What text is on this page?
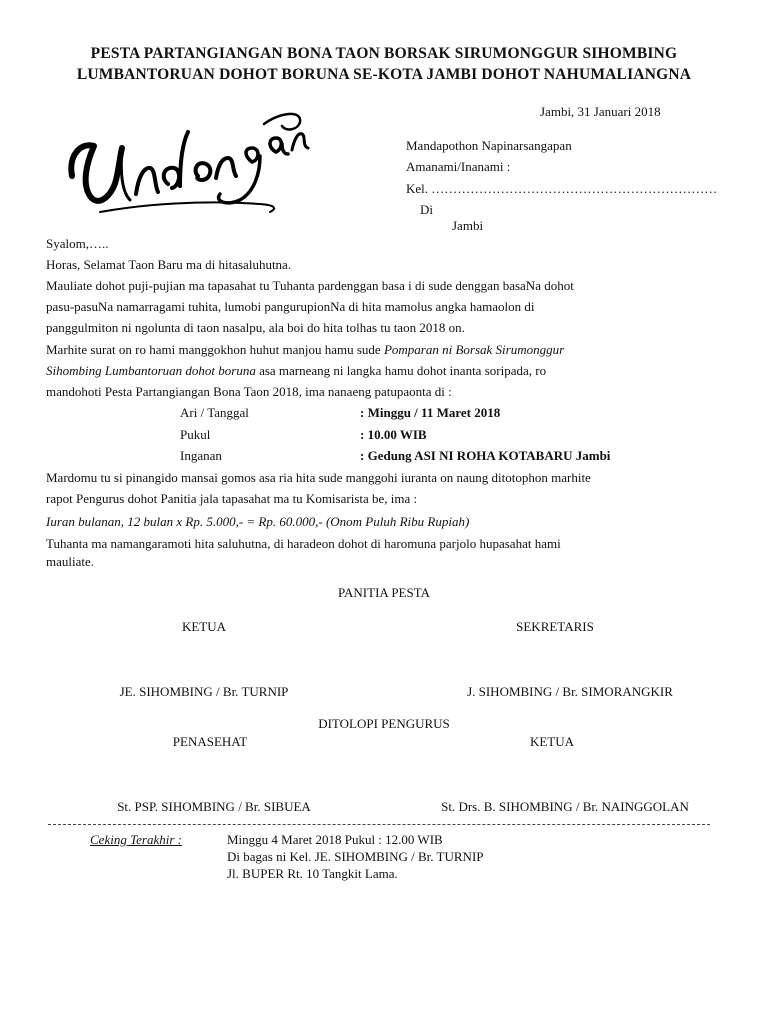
PESTA PARTANGIANGAN BONA TAON BORSAK SIRUMONGGUR SIHOMBING
LUMBANTORUAN DOHOT BORUNA SE-KOTA JAMBI DOHOT NAHUMALIANGNA
Jambi, 31 Januari 2018
Mandapothon Napinarsangapan
Amanami/Inanami :
Kel. …………………………………………………………
Di
Jambi
Syalom,…..
Horas, Selamat Taon Baru ma di hitasaluhutna.
Mauliate dohot puji-pujian ma tapasahat tu Tuhanta pardenggan basa i di sude denggan basaNa dohot
pasu-pasuNa namarragami tuhita, lumobi pangurupionNa di hita mamolus angka hamaolon di
panggulmiton ni ngolunta di taon nasalpu, ala boi do hita tolhas tu taon 2018 on.
Marhite surat on ro hami manggokhon huhut manjou hamu sude Pomparan ni Borsak Sirumonggur
Sihombing Lumbantoruan dohot boruna asa marneang ni langka hamu dohot inanta soripada, ro
mandohoti Pesta Partangiangan Bona Taon 2018, ima nanaeng patupaonta di :
Ari / Tanggal	: Minggu / 11 Maret 2018
Pukul	: 10.00 WIB
Inganan	: Gedung ASI NI ROHA KOTABARU Jambi
Mardomu tu si pinangido mansai gomos asa ria hita sude manggohi iuranta on naung ditotophon marhite
rapot Pengurus dohot Panitia jala tapasahat ma tu Komisarista be, ima :
Iuran bulanan, 12 bulan x Rp. 5.000,- = Rp. 60.000,- (Onom Puluh Ribu Rupiah)
Tuhanta ma namangaramoti hita saluhutna, di haradeon dohot di haromuna parjolo hupasahat hami
mauliate.
PANITIA PESTA
KETUA	SEKRETARIS
JE. SIHOMBING / Br. TURNIP	J. SIHOMBING / Br. SIMORANGKIR
DITOLOPI PENGURUS
PENASEHAT	KETUA
St. PSP. SIHOMBING / Br. SIBUEA	St. Drs. B. SIHOMBING / Br. NAINGGOLAN
Ceking Terakhir :	Minggu 4 Maret 2018 Pukul : 12.00 WIB
Di bagas ni Kel. JE. SIHOMBING / Br. TURNIP
Jl. BUPER Rt. 10 Tangkit Lama.
